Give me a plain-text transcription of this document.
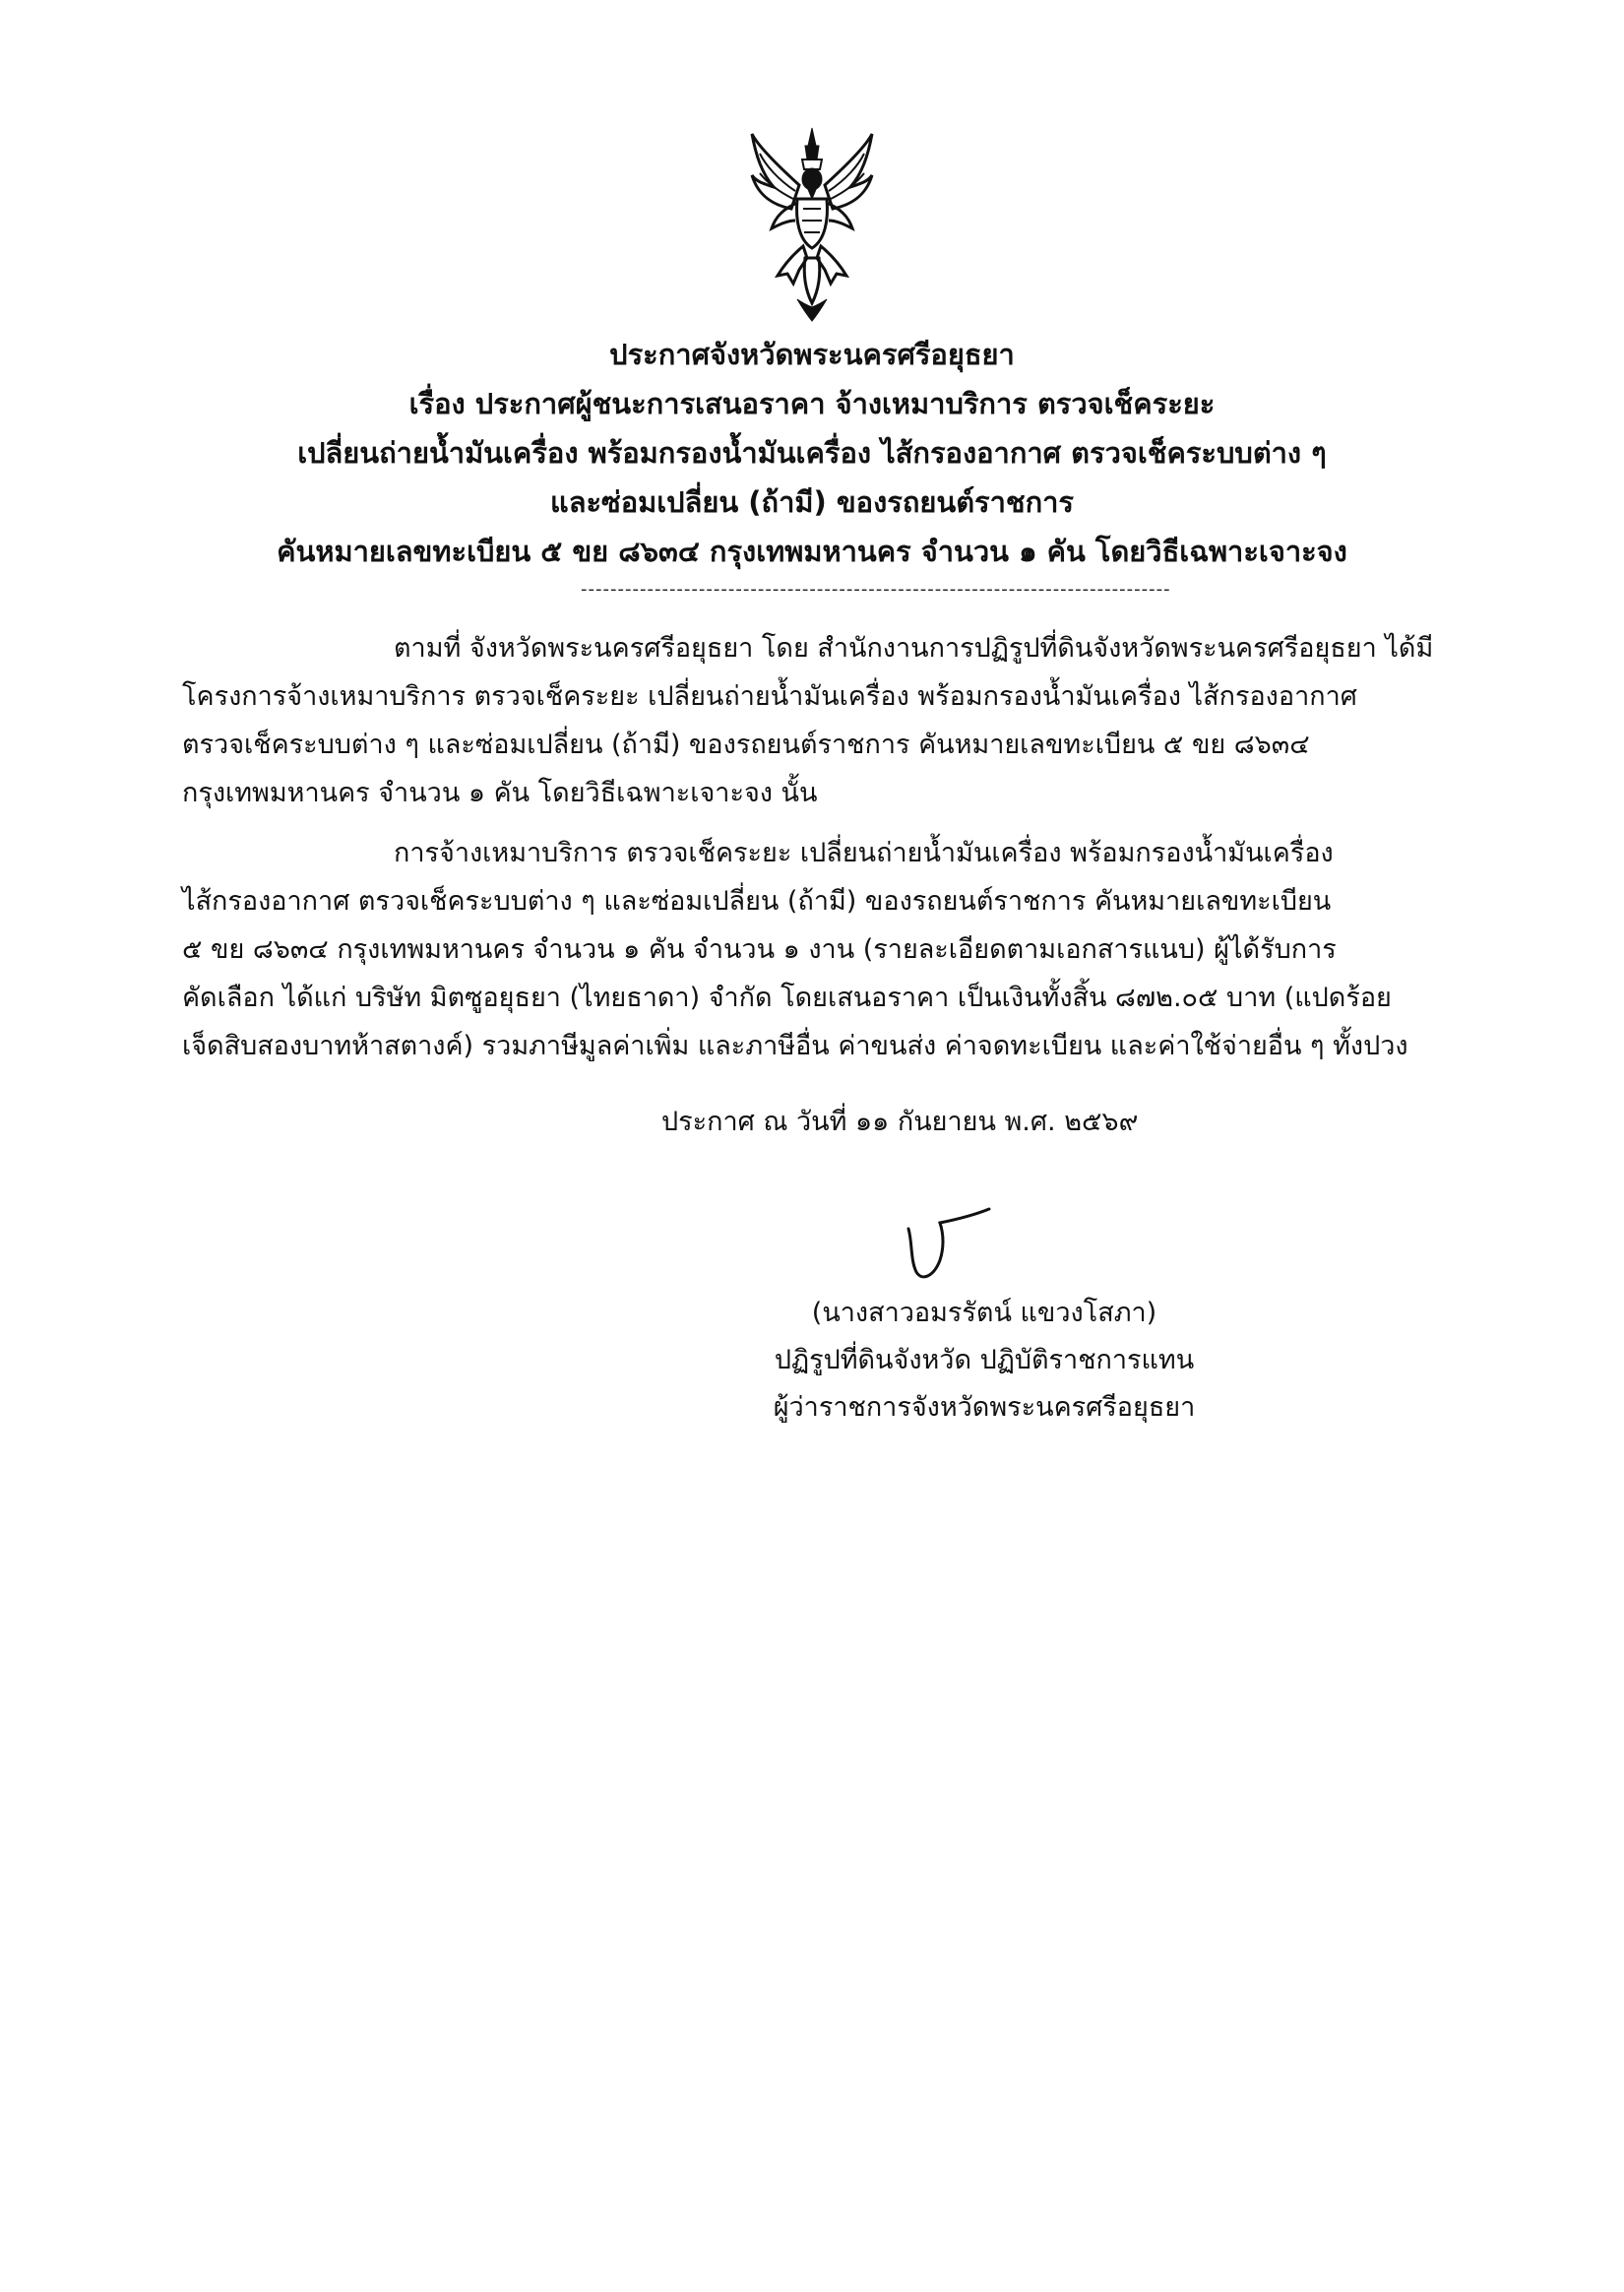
ประกาศจังหวัดพระนครศรีอยุธยา
เรื่อง ประกาศผู้ชนะการเสนอราคา จ้างเหมาบริการ ตรวจเช็คระยะ
เปลี่ยนถ่ายน้ำมันเครื่อง พร้อมกรองน้ำมันเครื่อง ไส้กรองอากาศ ตรวจเช็คระบบต่าง ๆ
และซ่อมเปลี่ยน (ถ้ามี) ของรถยนต์ราชการ
คันหมายเลขทะเบียน ๕ ขย ๘๖๓๔ กรุงเทพมหานคร จำนวน ๑ คัน โดยวิธีเฉพาะเจาะจง
--------------------------------------------------------------------------------
ตามที่ จังหวัดพระนครศรีอยุธยา โดย สำนักงานการปฏิรูปที่ดินจังหวัดพระนครศรีอยุธยา ได้มี
โครงการจ้างเหมาบริการ ตรวจเช็คระยะ เปลี่ยนถ่ายน้ำมันเครื่อง พร้อมกรองน้ำมันเครื่อง ไส้กรองอากาศ
ตรวจเช็คระบบต่าง ๆ และซ่อมเปลี่ยน (ถ้ามี) ของรถยนต์ราชการ คันหมายเลขทะเบียน ๕ ขย ๘๖๓๔
กรุงเทพมหานคร จำนวน ๑ คัน โดยวิธีเฉพาะเจาะจง นั้น
การจ้างเหมาบริการ ตรวจเช็คระยะ เปลี่ยนถ่ายน้ำมันเครื่อง พร้อมกรองน้ำมันเครื่อง
ไส้กรองอากาศ ตรวจเช็คระบบต่าง ๆ และซ่อมเปลี่ยน (ถ้ามี) ของรถยนต์ราชการ คันหมายเลขทะเบียน
๕ ขย ๘๖๓๔ กรุงเทพมหานคร จำนวน ๑ คัน จำนวน ๑ งาน (รายละเอียดตามเอกสารแนบ) ผู้ได้รับการ
คัดเลือก ได้แก่ บริษัท มิตซูอยุธยา (ไทยธาดา) จำกัด โดยเสนอราคา เป็นเงินทั้งสิ้น ๘๗๒.๐๕ บาท (แปดร้อย
เจ็ดสิบสองบาทห้าสตางค์) รวมภาษีมูลค่าเพิ่ม และภาษีอื่น ค่าขนส่ง ค่าจดทะเบียน และค่าใช้จ่ายอื่น ๆ ทั้งปวง
ประกาศ ณ วันที่ ๑๑ กันยายน พ.ศ. ๒๕๖๙
(นางสาวอมรรัตน์ แขวงโสภา)
ปฏิรูปที่ดินจังหวัด ปฏิบัติราชการแทน
ผู้ว่าราชการจังหวัดพระนครศรีอยุธยา
